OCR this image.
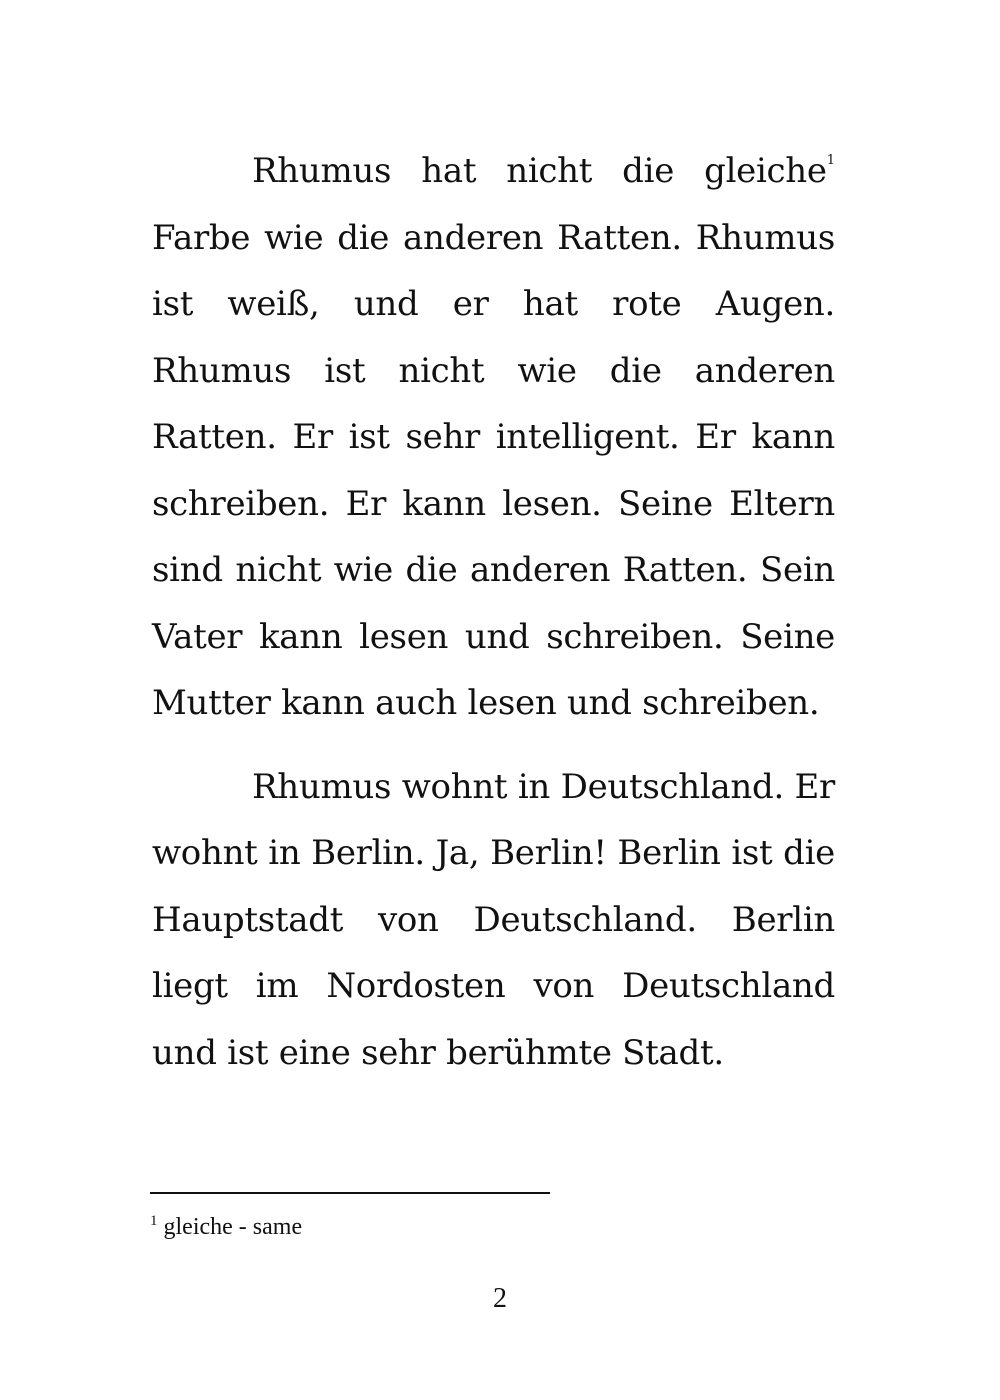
Rhumus hat nicht die gleiche$^1$ Farbe wie die anderen Ratten. Rhumus ist weiß, und er hat rote Augen. Rhumus ist nicht wie die anderen Ratten. Er ist sehr intelligent. Er kann schreiben. Er kann lesen. Seine Eltern sind nicht wie die anderen Ratten. Sein Vater kann lesen und schreiben. Seine Mutter kann auch lesen und schreiben.

Rhumus wohnt in Deutschland. Er wohnt in Berlin. Ja, Berlin! Berlin ist die Hauptstadt von Deutschland. Berlin liegt im Nordosten von Deutschland und ist eine sehr berühmte Stadt.

$^1$ gleiche - same
2
